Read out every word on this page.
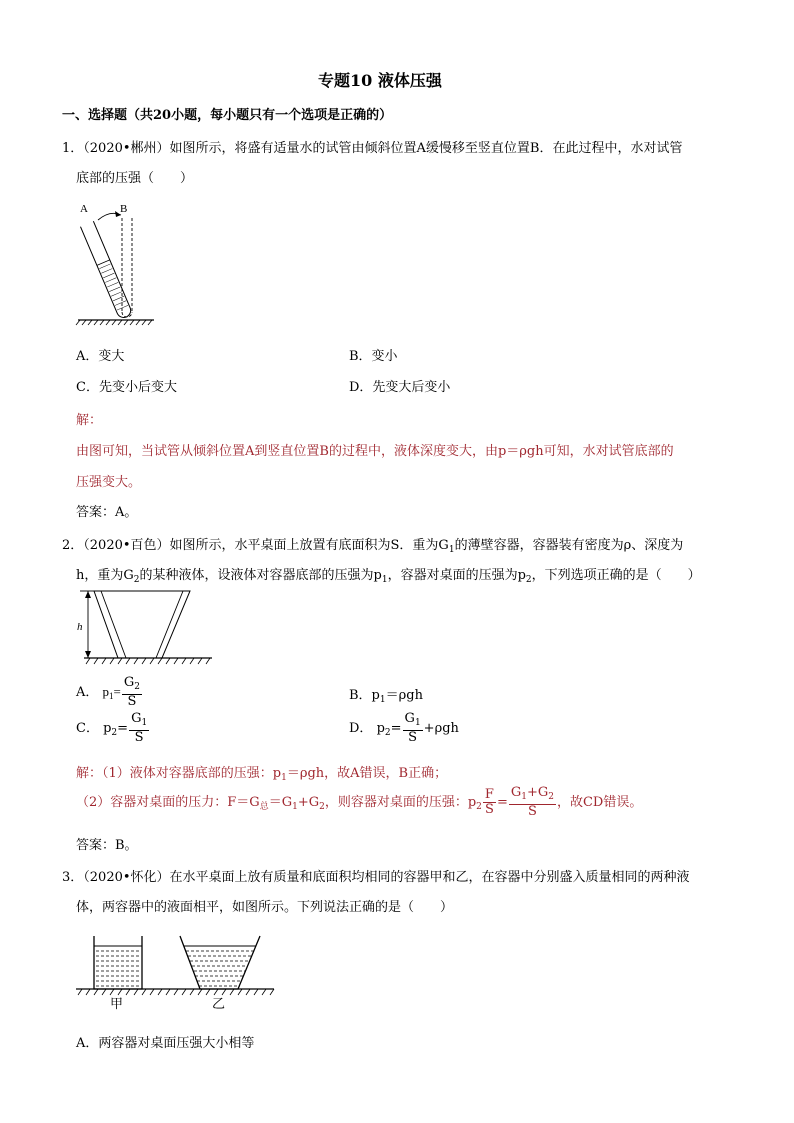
专题10 液体压强
一、选择题（共20小题，每小题只有一个选项是正确的）
1．（2020•郴州）如图所示，将盛有适量水的试管由倾斜位置A缓慢移至竖直位置B．在此过程中，水对试管
底部的压强（　　）
A	B
A．变大	B．变小
C．先变小后变大	D．先变大后变小
解：
由图可知，当试管从倾斜位置A到竖直位置B的过程中，液体深度变大，由p＝ρgh可知，水对试管底部的
压强变大。
答案：A。
2．（2020•百色）如图所示，水平桌面上放置有底面积为S．重为$G_1$的薄壁容器，容器装有密度为ρ、深度为
h，重为$G_2$的某种液体，设液体对容器底部的压强为$p_1$，容器对桌面的压强为$p_2$，下列选项正确的是（　　）
h
A． $p_1= \frac{G_2}{S}$	B．$p_1=\rho gh$
C． $p_2= \frac{G_1}{S}$	D． $p_2= \frac{G_1}{S} +\rho gh$
解：（1）液体对容器底部的压强：$p_1=\rho gh$，故A错误，B正确；
（2）容器对桌面的压力：$F=G_总=G_1+G_2$，则容器对桌面的压强：$p_2 \frac{F}{S} = \frac{G_1+G_2}{S}$ ，故CD错误。
答案：B。
3．（2020•怀化）在水平桌面上放有质量和底面积均相同的容器甲和乙，在容器中分别盛入质量相同的两种液
体，两容器中的液面相平，如图所示。下列说法正确的是（　　）
甲	乙
A．两容器对桌面压强大小相等
